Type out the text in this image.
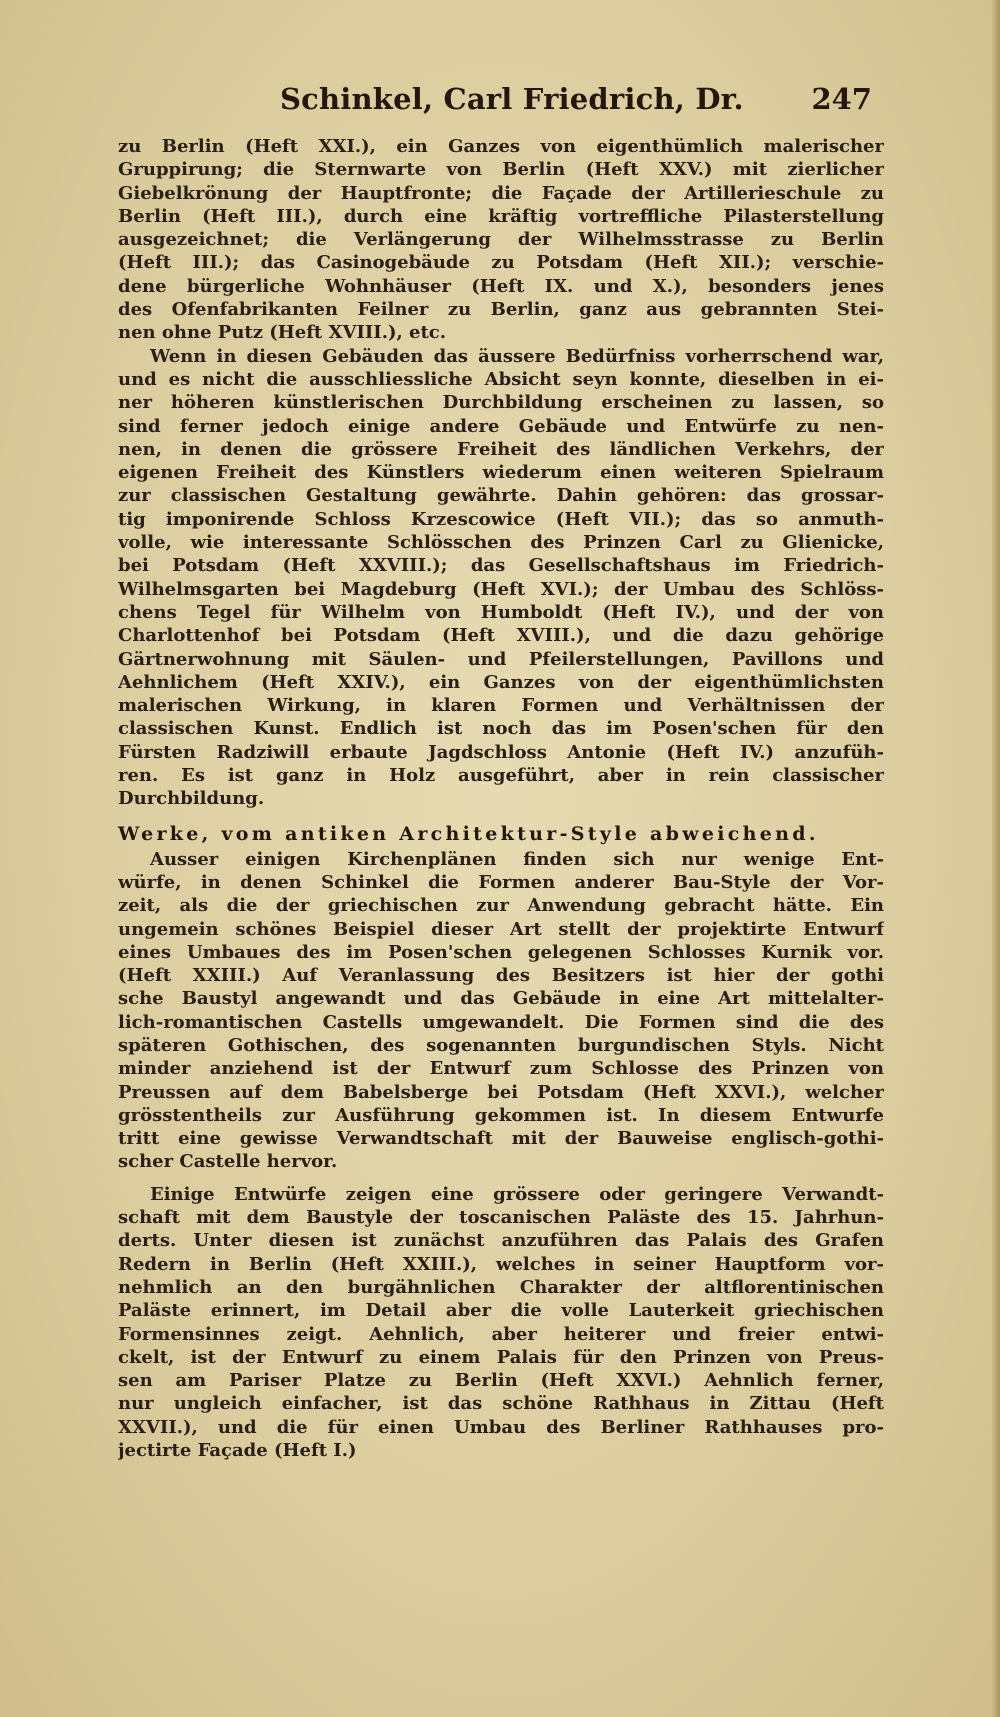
Schinkel, Carl Friedrich, Dr. 247
zu Berlin (Heft XXI.), ein Ganzes von eigenthümlich malerischer
Gruppirung; die Sternwarte von Berlin (Heft XXV.) mit zierlicher
Giebelkrönung der Hauptfronte; die Façade der Artillerieschule zu
Berlin (Heft III.), durch eine kräftig vortreffliche Pilasterstellung
ausgezeichnet; die Verlängerung der Wilhelmsstrasse zu Berlin
(Heft III.); das Casinogebäude zu Potsdam (Heft XII.); verschie-
dene bürgerliche Wohnhäuser (Heft IX. und X.), besonders jenes
des Ofenfabrikanten Feilner zu Berlin, ganz aus gebrannten Stei-
nen ohne Putz (Heft XVIII.), etc.
Wenn in diesen Gebäuden das äussere Bedürfniss vorherrschend war,
und es nicht die ausschliessliche Absicht seyn konnte, dieselben in ei-
ner höheren künstlerischen Durchbildung erscheinen zu lassen, so
sind ferner jedoch einige andere Gebäude und Entwürfe zu nen-
nen, in denen die grössere Freiheit des ländlichen Verkehrs, der
eigenen Freiheit des Künstlers wiederum einen weiteren Spielraum
zur classischen Gestaltung gewährte. Dahin gehören: das grossar-
tig imponirende Schloss Krzescowice (Heft VII.); das so anmuth-
volle, wie interessante Schlösschen des Prinzen Carl zu Glienicke,
bei Potsdam (Heft XXVIII.); das Gesellschaftshaus im Friedrich-
Wilhelmsgarten bei Magdeburg (Heft XVI.); der Umbau des Schlöss-
chens Tegel für Wilhelm von Humboldt (Heft IV.), und der von
Charlottenhof bei Potsdam (Heft XVIII.), und die dazu gehörige
Gärtnerwohnung mit Säulen- und Pfeilerstellungen, Pavillons und
Aehnlichem (Heft XXIV.), ein Ganzes von der eigenthümlichsten
malerischen Wirkung, in klaren Formen und Verhältnissen der
classischen Kunst. Endlich ist noch das im Posen'schen für den
Fürsten Radziwill erbaute Jagdschloss Antonie (Heft IV.) anzufüh-
ren. Es ist ganz in Holz ausgeführt, aber in rein classischer
Durchbildung.
Werke, vom antiken Architektur-Style abweichend.
Ausser einigen Kirchenplänen finden sich nur wenige Ent-
würfe, in denen Schinkel die Formen anderer Bau-Style der Vor-
zeit, als die der griechischen zur Anwendung gebracht hätte. Ein
ungemein schönes Beispiel dieser Art stellt der projektirte Entwurf
eines Umbaues des im Posen'schen gelegenen Schlosses Kurnik vor.
(Heft XXIII.) Auf Veranlassung des Besitzers ist hier der gothi
sche Baustyl angewandt und das Gebäude in eine Art mittelalter-
lich-romantischen Castells umgewandelt. Die Formen sind die des
späteren Gothischen, des sogenannten burgundischen Styls. Nicht
minder anziehend ist der Entwurf zum Schlosse des Prinzen von
Preussen auf dem Babelsberge bei Potsdam (Heft XXVI.), welcher
grösstentheils zur Ausführung gekommen ist. In diesem Entwurfe
tritt eine gewisse Verwandtschaft mit der Bauweise englisch-gothi-
scher Castelle hervor.
Einige Entwürfe zeigen eine grössere oder geringere Verwandt-
schaft mit dem Baustyle der toscanischen Paläste des 15. Jahrhun-
derts. Unter diesen ist zunächst anzuführen das Palais des Grafen
Redern in Berlin (Heft XXIII.), welches in seiner Hauptform vor-
nehmlich an den burgähnlichen Charakter der altflorentinischen
Paläste erinnert, im Detail aber die volle Lauterkeit griechischen
Formensinnes zeigt. Aehnlich, aber heiterer und freier entwi-
ckelt, ist der Entwurf zu einem Palais für den Prinzen von Preus-
sen am Pariser Platze zu Berlin (Heft XXVI.) Aehnlich ferner,
nur ungleich einfacher, ist das schöne Rathhaus in Zittau (Heft
XXVII.), und die für einen Umbau des Berliner Rathhauses pro-
jectirte Façade (Heft I.)
